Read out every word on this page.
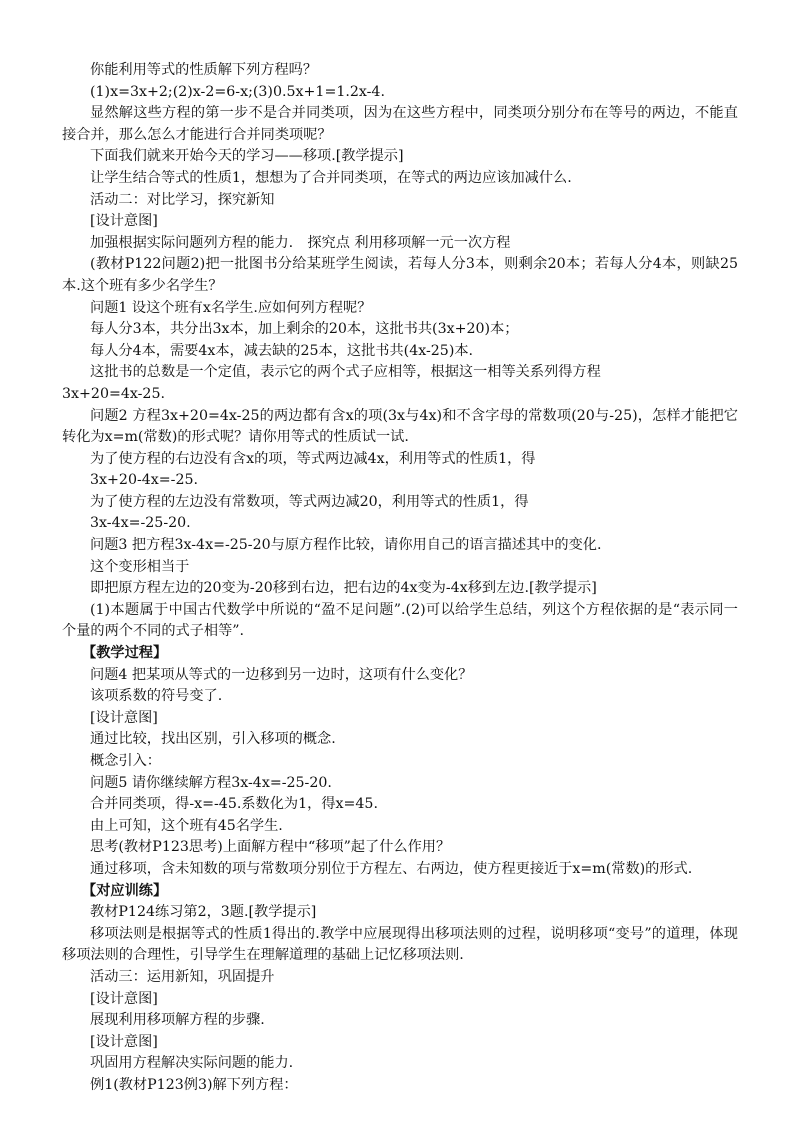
你能利用等式的性质解下列方程吗？

(1)x=3x+2;(2)x-2=6-x;(3)0.5x+1=1.2x-4.

显然解这些方程的第一步不是合并同类项，因为在这些方程中，同类项分别分布在等号的两边，不能直接合并，那么怎么才能进行合并同类项呢？

下面我们就来开始今天的学习——移项.[教学提示]

让学生结合等式的性质1，想想为了合并同类项，在等式的两边应该加减什么.

活动二：对比学习，探究新知

[设计意图]

加强根据实际问题列方程的能力.　探究点 利用移项解一元一次方程

(教材P122问题2)把一批图书分给某班学生阅读，若每人分3本，则剩余20本；若每人分4本，则缺25本.这个班有多少名学生？

问题1 设这个班有x名学生.应如何列方程呢？

每人分3本，共分出3x本，加上剩余的20本，这批书共(3x+20)本；

每人分4本，需要4x本，减去缺的25本，这批书共(4x-25)本.

这批书的总数是一个定值，表示它的两个式子应相等，根据这一相等关系列得方程

3x+20=4x-25.

问题2 方程3x+20=4x-25的两边都有含x的项(3x与4x)和不含字母的常数项(20与-25)，怎样才能把它转化为x=m(常数)的形式呢？请你用等式的性质试一试.

为了使方程的右边没有含x的项，等式两边减4x，利用等式的性质1，得

3x+20-4x=-25.

为了使方程的左边没有常数项，等式两边减20，利用等式的性质1，得

3x-4x=-25-20.

问题3 把方程3x-4x=-25-20与原方程作比较，请你用自己的语言描述其中的变化.

这个变形相当于

即把原方程左边的20变为-20移到右边，把右边的4x变为-4x移到左边.[教学提示]

(1)本题属于中国古代数学中所说的“盈不足问题”.(2)可以给学生总结，列这个方程依据的是“表示同一个量的两个不同的式子相等”.

【教学过程】

问题4 把某项从等式的一边移到另一边时，这项有什么变化？

该项系数的符号变了.

[设计意图]

通过比较，找出区别，引入移项的概念.

概念引入：

问题5 请你继续解方程3x-4x=-25-20.

合并同类项，得-x=-45.系数化为1，得x=45.

由上可知，这个班有45名学生.

思考(教材P123思考)上面解方程中“移项”起了什么作用？

通过移项，含未知数的项与常数项分别位于方程左、右两边，使方程更接近于x=m(常数)的形式.

【对应训练】

教材P124练习第2，3题.[教学提示]

移项法则是根据等式的性质1得出的.教学中应展现得出移项法则的过程，说明移项“变号”的道理，体现移项法则的合理性，引导学生在理解道理的基础上记忆移项法则.

活动三：运用新知，巩固提升

[设计意图]

展现利用移项解方程的步骤.

[设计意图]

巩固用方程解决实际问题的能力.

例1(教材P123例3)解下列方程：
